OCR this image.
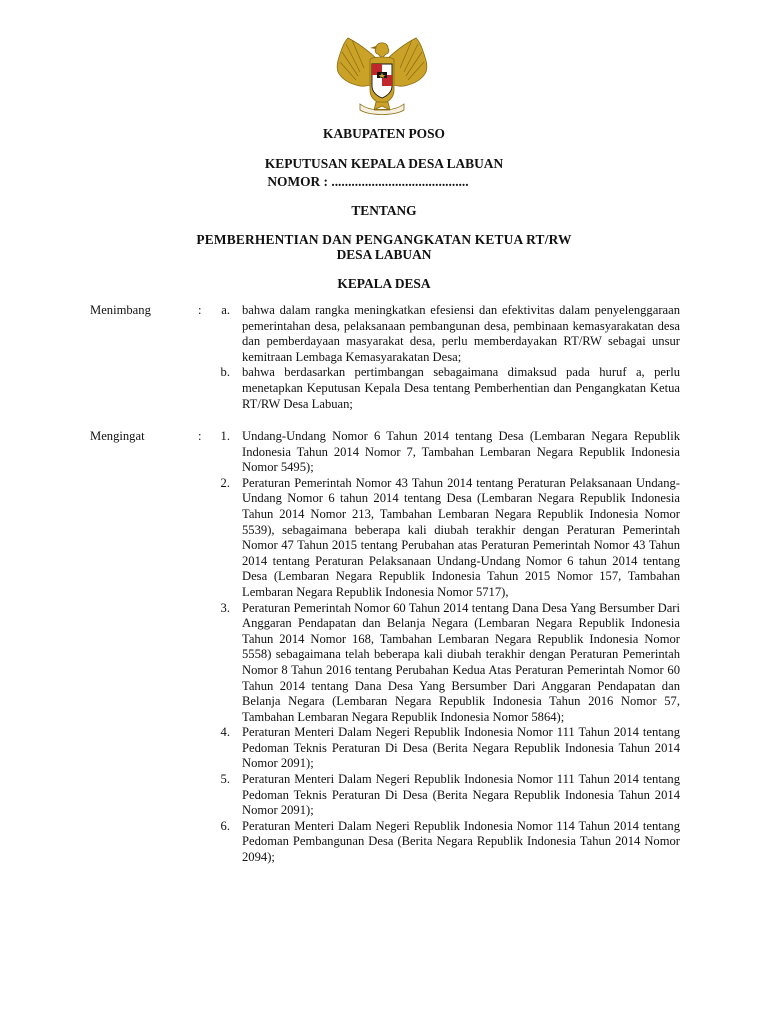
KABUPATEN POSO
KEPUTUSAN KEPALA DESA LABUAN
NOMOR : .........................................
TENTANG
PEMBERHENTIAN DAN PENGANGKATAN KETUA RT/RW
DESA LABUAN
KEPALA DESA
Menimbang	:	a. bahwa dalam rangka meningkatkan efesiensi dan efektivitas dalam penyelenggaraan pemerintahan desa, pelaksanaan pembangunan desa, pembinaan kemasyarakatan desa dan pemberdayaan masyarakat desa, perlu memberdayakan RT/RW sebagai unsur kemitraan Lembaga Kemasyarakatan Desa;
b. bahwa berdasarkan pertimbangan sebagaimana dimaksud pada huruf a, perlu menetapkan Keputusan Kepala Desa tentang Pemberhentian dan Pengangkatan Ketua RT/RW Desa Labuan;
Mengingat	:	1. Undang-Undang Nomor 6 Tahun 2014 tentang Desa (Lembaran Negara Republik Indonesia Tahun 2014 Nomor 7, Tambahan Lembaran Negara Republik Indonesia Nomor 5495);
2. Peraturan Pemerintah Nomor 43 Tahun 2014 tentang Peraturan Pelaksanaan Undang-Undang Nomor 6 tahun 2014 tentang Desa (Lembaran Negara Republik Indonesia Tahun 2014 Nomor 213, Tambahan Lembaran Negara Republik Indonesia Nomor 5539), sebagaimana beberapa kali diubah terakhir dengan Peraturan Pemerintah Nomor 47 Tahun 2015 tentang Perubahan atas Peraturan Pemerintah Nomor 43 Tahun 2014 tentang Peraturan Pelaksanaan Undang-Undang Nomor 6 tahun 2014 tentang Desa (Lembaran Negara Republik Indonesia Tahun 2015 Nomor 157, Tambahan Lembaran Negara Republik Indonesia Nomor 5717),
3. Peraturan Pemerintah Nomor 60 Tahun 2014 tentang Dana Desa Yang Bersumber Dari Anggaran Pendapatan dan Belanja Negara (Lembaran Negara Republik Indonesia Tahun 2014 Nomor 168, Tambahan Lembaran Negara Republik Indonesia Nomor 5558) sebagaimana telah beberapa kali diubah terakhir dengan Peraturan Pemerintah Nomor 8 Tahun 2016 tentang Perubahan Kedua Atas Peraturan Pemerintah Nomor 60 Tahun 2014 tentang Dana Desa Yang Bersumber Dari Anggaran Pendapatan dan Belanja Negara (Lembaran Negara Republik Indonesia Tahun 2016 Nomor 57, Tambahan Lembaran Negara Republik Indonesia Nomor 5864);
4. Peraturan Menteri Dalam Negeri Republik Indonesia Nomor 111 Tahun 2014 tentang Pedoman Teknis Peraturan Di Desa (Berita Negara Republik Indonesia Tahun 2014 Nomor 2091);
5. Peraturan Menteri Dalam Negeri Republik Indonesia Nomor 111 Tahun 2014 tentang Pedoman Teknis Peraturan Di Desa (Berita Negara Republik Indonesia Tahun 2014 Nomor 2091);
6. Peraturan Menteri Dalam Negeri Republik Indonesia Nomor 114 Tahun 2014 tentang Pedoman Pembangunan Desa (Berita Negara Republik Indonesia Tahun 2014 Nomor 2094);
